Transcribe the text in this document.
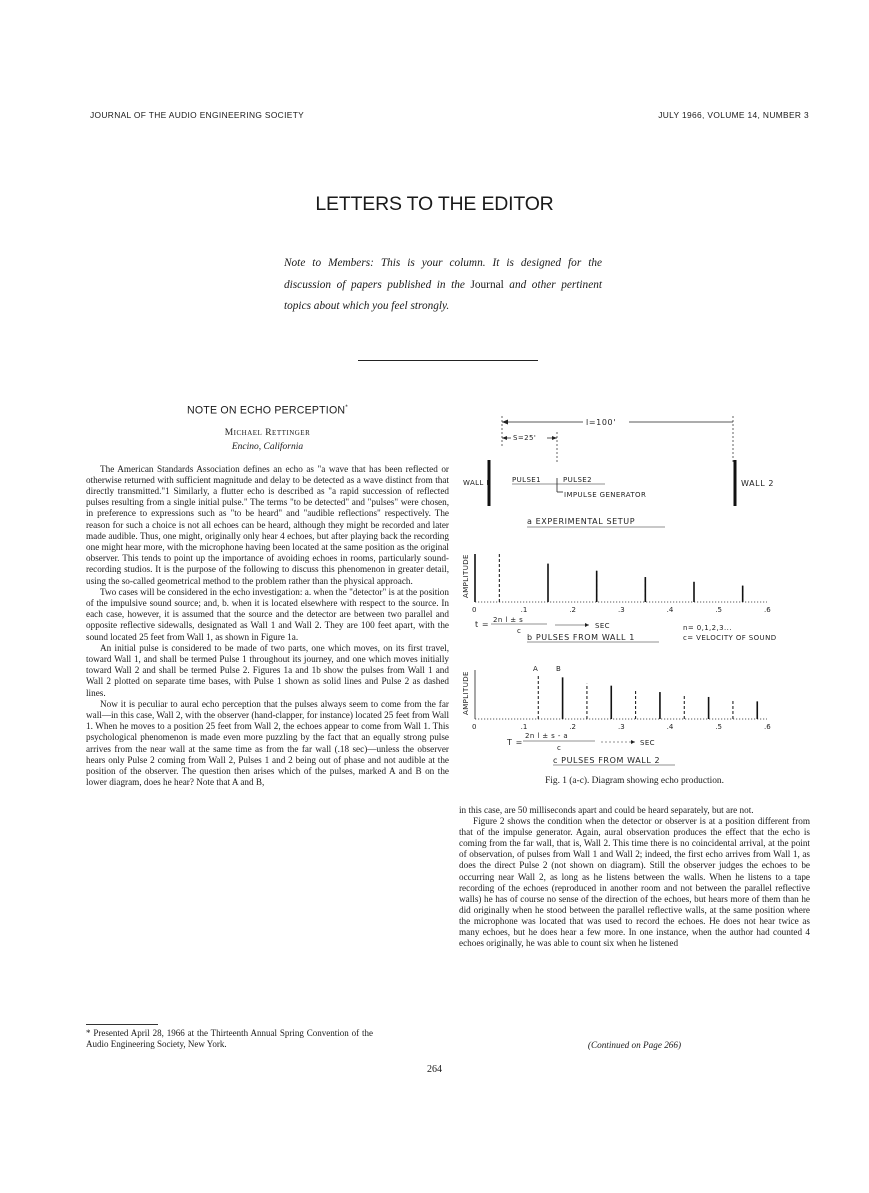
JOURNAL OF THE AUDIO ENGINEERING SOCIETY	JULY 1966, VOLUME 14, NUMBER 3
LETTERS TO THE EDITOR

Note to Members: This is your column. It is designed for the discussion of papers published in the Journal and other pertinent topics about which you feel strongly.

NOTE ON ECHO PERCEPTION*

Michael Rettinger

Encino, California

The American Standards Association defines an echo as "a wave that has been reflected or otherwise returned with sufficient magnitude and delay to be detected as a wave distinct from that directly transmitted."1 Similarly, a flutter echo is described as "a rapid succession of reflected pulses resulting from a single initial pulse." The terms "to be detected" and "pulses" were chosen, in preference to expressions such as "to be heard" and "audible reflections" respectively. The reason for such a choice is not all echoes can be heard, although they might be recorded and later made audible. Thus, one might, originally only hear 4 echoes, but after playing back the recording one might hear more, with the microphone having been located at the same position as the original observer. This tends to point up the importance of avoiding echoes in rooms, particularly sound-recording studios. It is the purpose of the following to discuss this phenomenon in greater detail, using the so-called geometrical method to the problem rather than the physical approach.

Two cases will be considered in the echo investigation: a. when the "detector" is at the position of the impulsive sound source; and, b. when it is located elsewhere with respect to the source. In each case, however, it is assumed that the source and the detector are between two parallel and opposite reflective sidewalls, designated as Wall 1 and Wall 2. They are 100 feet apart, with the sound located 25 feet from Wall 1, as shown in Figure 1a.

An initial pulse is considered to be made of two parts, one which moves, on its first travel, toward Wall 1, and shall be termed Pulse 1 throughout its journey, and one which moves initially toward Wall 2 and shall be termed Pulse 2. Figures 1a and 1b show the pulses from Wall 1 and Wall 2 plotted on separate time bases, with Pulse 1 shown as solid lines and Pulse 2 as dashed lines.

Now it is peculiar to aural echo perception that the pulses always seem to come from the far wall—in this case, Wall 2, with the observer (hand-clapper, for instance) located 25 feet from Wall 1. When he moves to a position 25 feet from Wall 2, the echoes appear to come from Wall 1. This psychological phenomenon is made even more puzzling by the fact that an equally strong pulse arrives from the near wall at the same time as from the far wall (.18 sec)—unless the observer hears only Pulse 2 coming from Wall 2, Pulses 1 and 2 being out of phase and not audible at the position of the observer. The question then arises which of the pulses, marked A and B on the lower diagram, does he hear? Note that A and B,

* Presented April 28, 1966 at the Thirteenth Annual Spring Convention of the Audio Engineering Society, New York.
l=100'
S=25'
WALL I	WALL 2
PULSE1	PULSE2
IMPULSE GENERATOR
a EXPERIMENTAL SETUP
AMPLITUDE
0	.1	.2	.3	.4	.5	.6
t = 2n l ± s
c
SEC	n= 0,1,2,3...
b PULSES FROM WALL 1	c= VELOCITY OF SOUND
AMPLITUDE
0	.1	.2	.3	.4	.5	.6
A	B
T =
2n l ± s - a
c
SEC
c PULSES FROM WALL 2
Fig. 1 (a-c). Diagram showing echo production.

in this case, are 50 milliseconds apart and could be heard separately, but are not.

Figure 2 shows the condition when the detector or observer is at a position different from that of the impulse generator. Again, aural observation produces the effect that the echo is coming from the far wall, that is, Wall 2. This time there is no coincidental arrival, at the point of observation, of pulses from Wall 1 and Wall 2; indeed, the first echo arrives from Wall 1, as does the direct Pulse 2 (not shown on diagram). Still the observer judges the echoes to be occurring near Wall 2, as long as he listens between the walls. When he listens to a tape recording of the echoes (reproduced in another room and not between the parallel reflective walls) he has of course no sense of the direction of the echoes, but hears more of them than he did originally when he stood between the parallel reflective walls, at the same position where the microphone was located that was used to record the echoes. He does not hear twice as many echoes, but he does hear a few more. In one instance, when the author had counted 4 echoes originally, he was able to count six when he listened

(Continued on Page 266)
264
